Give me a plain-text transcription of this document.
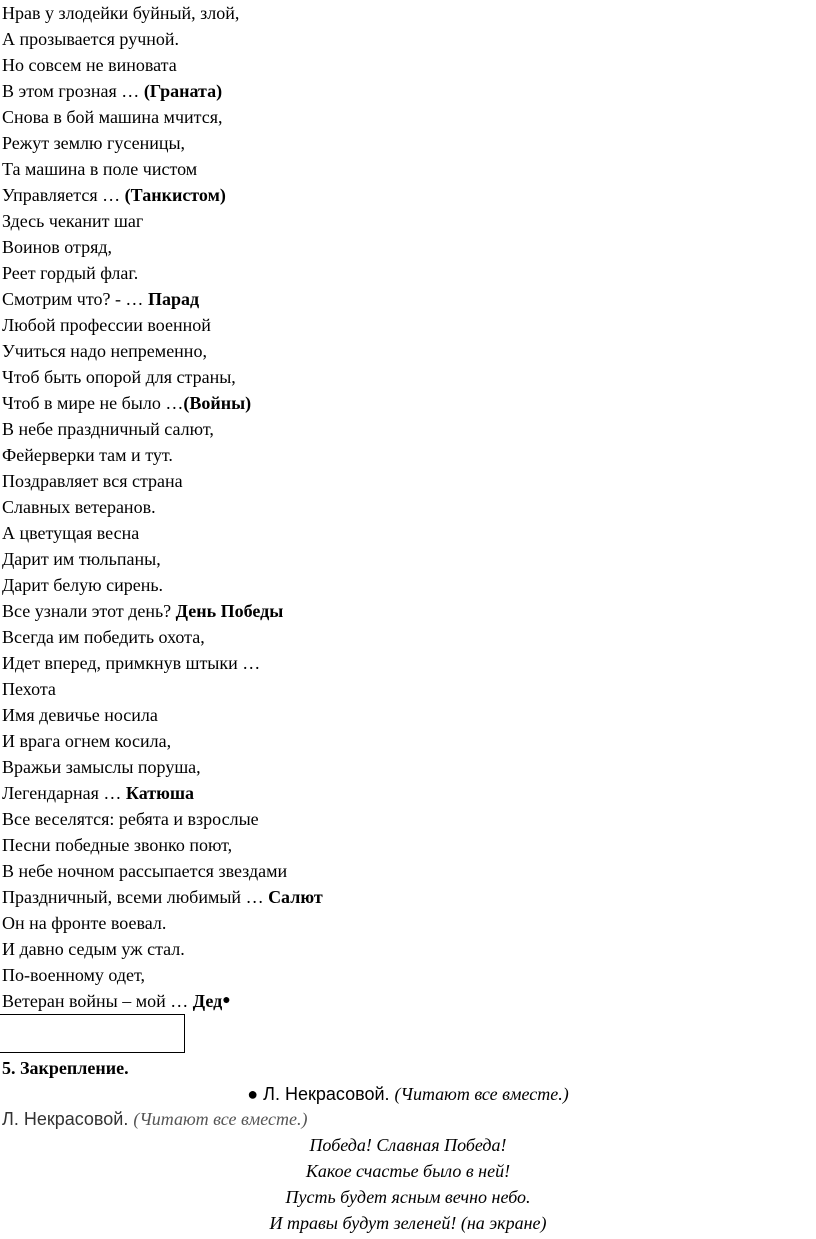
Нрав у злодейки буйный, злой,
А прозывается ручной.
Но совсем не виновата
В этом грозная … (Граната)
Снова в бой машина мчится,
Режут землю гусеницы,
Та машина в поле чистом
Управляется … (Танкистом)
Здесь чеканит шаг
Воинов отряд,
Реет гордый флаг.
Смотрим что? - … Парад
Любой профессии военной
Учиться надо непременно,
Чтоб быть опорой для страны,
Чтоб в мире не было …(Войны)
В небе праздничный салют,
Фейерверки там и тут.
Поздравляет вся страна
Славных ветеранов.
А цветущая весна
Дарит им тюльпаны,
Дарит белую сирень.
Все узнали этот день? День Победы
Всегда им победить охота,
Идет вперед, примкнув штыки …
Пехота
Имя девичье носила
И врага огнем косила,
Вражьи замыслы поруша,
Легендарная … Катюша
Все веселятся: ребята и взрослые
Песни победные звонко поют,
В небе ночном рассыпается звездами
Праздничный, всеми любимый … Салют
Он на фронте воевал.
И давно седым уж стал.
По-военному одет,
Ветеран войны – мой … Дед●
5. Закрепление.
● Л. Некрасовой. (Читают все вместе.)
Л. Некрасовой. (Читают все вместе.)
Победа! Славная Победа!
Какое счастье было в ней!
Пусть будет ясным вечно небо.
И травы будут зеленей! (на экране)
